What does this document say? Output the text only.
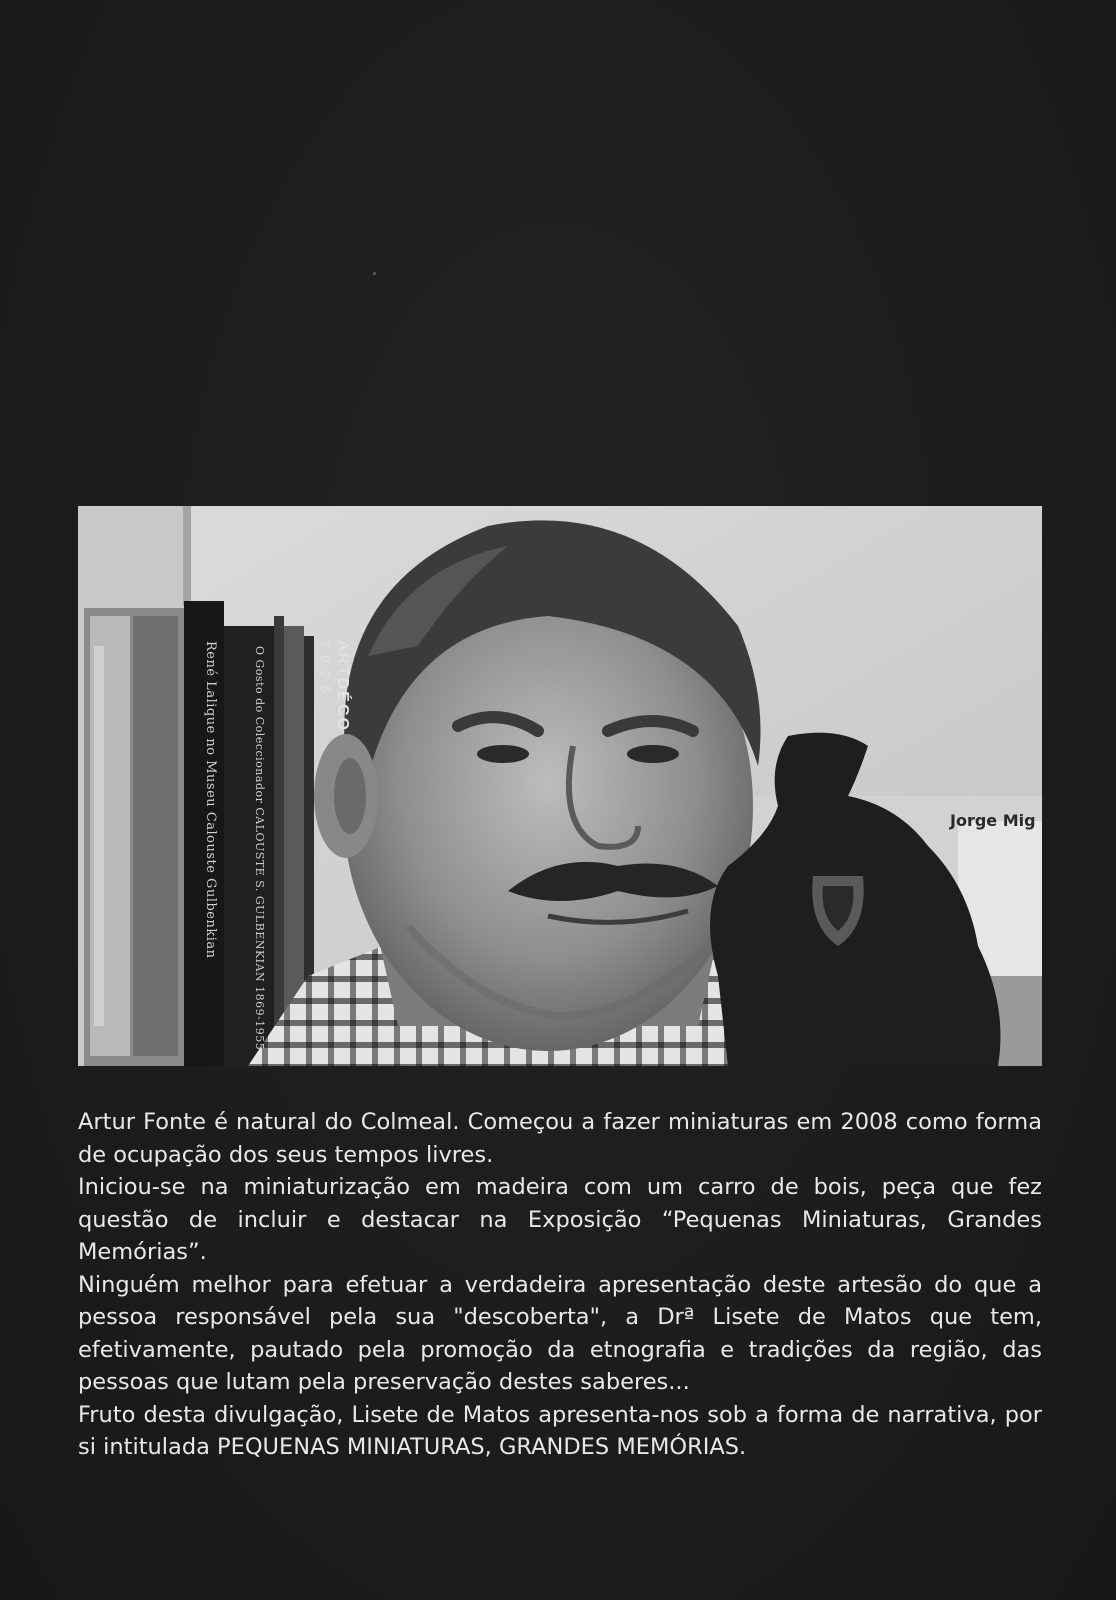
René Lalique no Museu Calouste Gulbenkian	O Gosto do Coleccionador CALOUSTE S. GULBENKIAN 1869-1955	ARTDÉCO
Jorge Mig

Artur Fonte é natural do Colmeal. Começou a fazer miniaturas em 2008 como forma de ocupação dos seus tempos livres.

Iniciou-se na miniaturização em madeira com um carro de bois, peça que fez questão de incluir e destacar na Exposição “Pequenas Miniaturas, Grandes Memórias”.

Ninguém melhor para efetuar a verdadeira apresentação deste artesão do que a pessoa responsável pela sua "descoberta", a Drª Lisete de Matos que tem, efetivamente, pautado pela promoção da etnografia e tradições da região, das pessoas que lutam pela preservação destes saberes...

Fruto desta divulgação, Lisete de Matos apresenta-nos sob a forma de narrativa, por si intitulada PEQUENAS MINIATURAS, GRANDES MEMÓRIAS.
